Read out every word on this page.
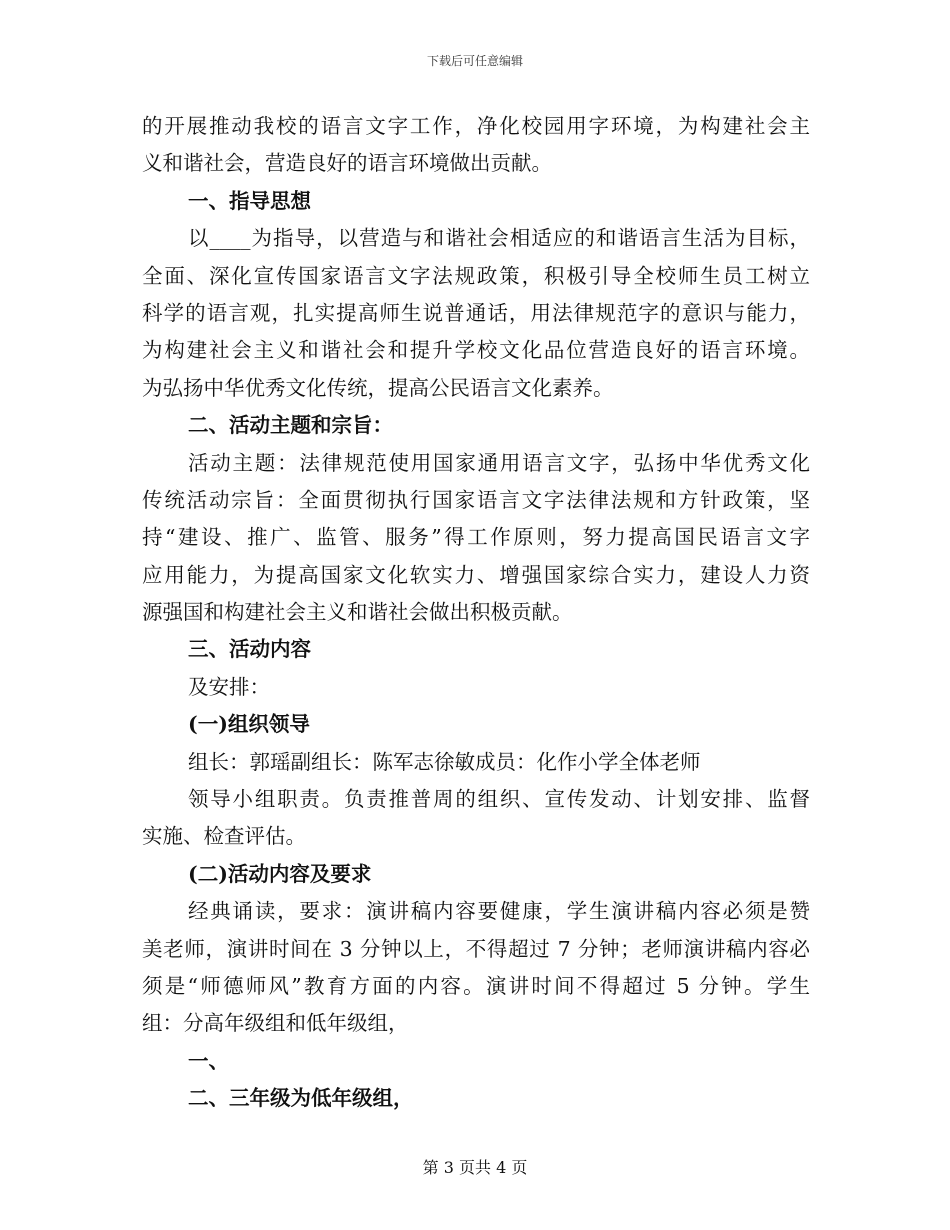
下载后可任意编辑
的开展推动我校的语言文字工作，净化校园用字环境，为构建社会主
义和谐社会，营造良好的语言环境做出贡献。
一、指导思想
以____为指导，以营造与和谐社会相适应的和谐语言生活为目标，
全面、深化宣传国家语言文字法规政策，积极引导全校师生员工树立
科学的语言观，扎实提高师生说普通话，用法律规范字的意识与能力，
为构建社会主义和谐社会和提升学校文化品位营造良好的语言环境。
为弘扬中华优秀文化传统，提高公民语言文化素养。
二、活动主题和宗旨：
活动主题：法律规范使用国家通用语言文字，弘扬中华优秀文化
传统活动宗旨：全面贯彻执行国家语言文字法律法规和方针政策，坚
持“建设、推广、监管、服务”得工作原则，努力提高国民语言文字
应用能力，为提高国家文化软实力、增强国家综合实力，建设人力资
源强国和构建社会主义和谐社会做出积极贡献。
三、活动内容
及安排：
(一)组织领导
组长：郭瑶副组长：陈军志徐敏成员：化作小学全体老师
领导小组职责。负责推普周的组织、宣传发动、计划安排、监督
实施、检查评估。
(二)活动内容及要求
经典诵读，要求：演讲稿内容要健康，学生演讲稿内容必须是赞
美老师，演讲时间在 3 分钟以上，不得超过 7 分钟；老师演讲稿内容必
须是“师德师风”教育方面的内容。演讲时间不得超过 5 分钟。学生
组：分高年级组和低年级组，
一、
二、三年级为低年级组，
第 3 页共 4 页
